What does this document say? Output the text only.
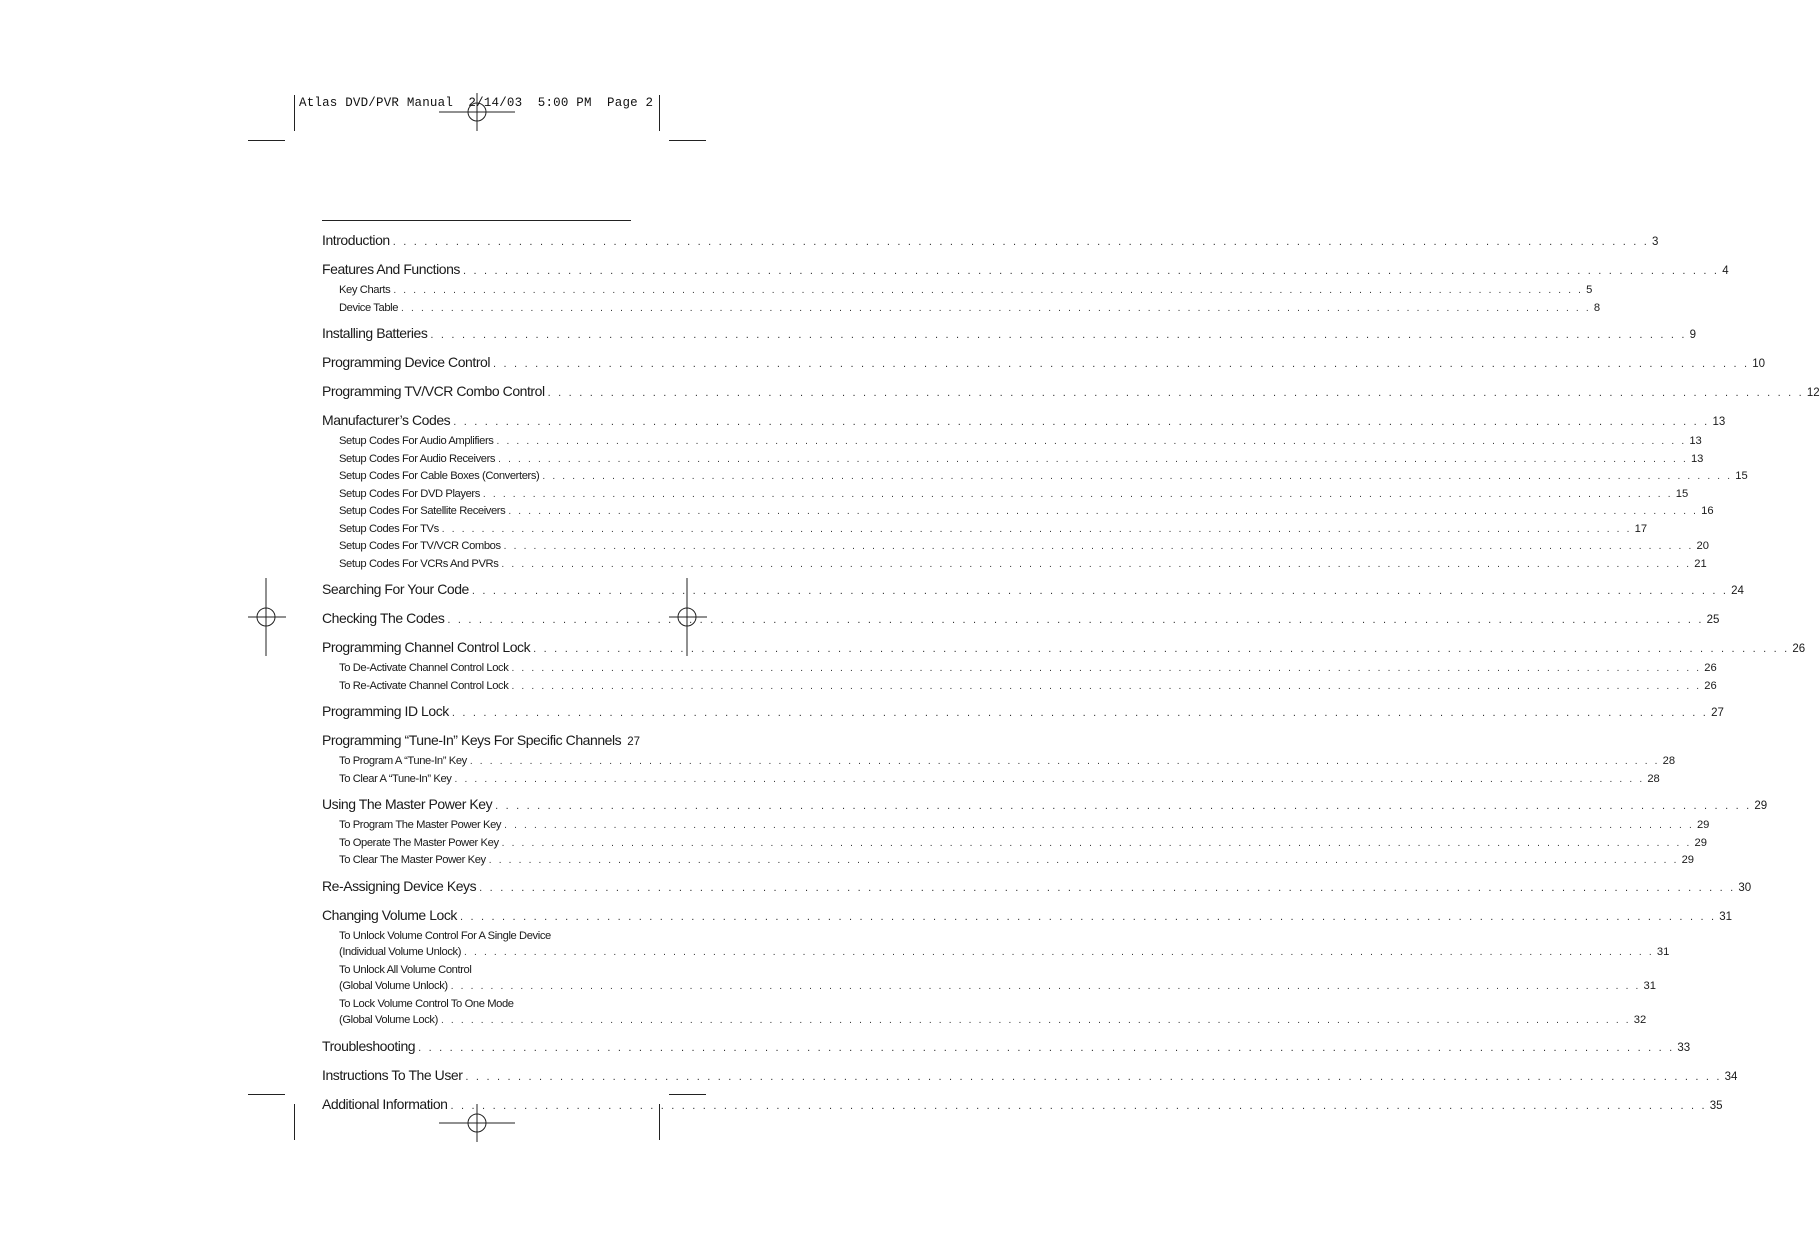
Atlas DVD/PVR Manual  2/14/03  5:00 PM  Page 2
Introduction . . . . . . . . . . . . . . . . . . . . . . . . . . . . . . . . . . . . . . . . . . . . . . . . . . . . . . . . . . . . . . . . . . . . . . . . . . . . . . . . . . . . . . . . . . . . . . . . . . . . . . . . . . . . . . . . . . . . . . . . 3
Features And Functions . . . . . . . . . . . . . . . . . . . . . . . . . . . . . . . . . . . . . . . . . . . . . . . . . . . . . . . . . . . . . . . . . . . . . . . . . . . . . . . . . . . . . . . . . . . . . . . . . . . . . . . . . . . . . . . . . . . . . . . . 4
Key Charts . . . . . . . . . . . . . . . . . . . . . . . . . . . . . . . . . . . . . . . . . . . . . . . . . . . . . . . . . . . . . . . . . . . . . . . . . . . . . . . . . . . . . . . . . . . . . . . . . . . . . . . . . . . . . . . . . . . . . . . . 5
Device Table . . . . . . . . . . . . . . . . . . . . . . . . . . . . . . . . . . . . . . . . . . . . . . . . . . . . . . . . . . . . . . . . . . . . . . . . . . . . . . . . . . . . . . . . . . . . . . . . . . . . . . . . . . . . . . . . . . . . . . . . 8
Installing Batteries . . . . . . . . . . . . . . . . . . . . . . . . . . . . . . . . . . . . . . . . . . . . . . . . . . . . . . . . . . . . . . . . . . . . . . . . . . . . . . . . . . . . . . . . . . . . . . . . . . . . . . . . . . . . . . . . . . . . . . . . 9
Programming Device Control . . . . . . . . . . . . . . . . . . . . . . . . . . . . . . . . . . . . . . . . . . . . . . . . . . . . . . . . . . . . . . . . . . . . . . . . . . . . . . . . . . . . . . . . . . . . . . . . . . . . . . . . . . . . . . . . . . . . . . . . 10
Programming TV/VCR Combo Control . . . . . . . . . . . . . . . . . . . . . . . . . . . . . . . . . . . . . . . . . . . . . . . . . . . . . . . . . . . . . . . . . . . . . . . . . . . . . . . . . . . . . . . . . . . . . . . . . . . . . . . . . . . . . . . . . . . . . . . . 12
Manufacturer’s Codes . . . . . . . . . . . . . . . . . . . . . . . . . . . . . . . . . . . . . . . . . . . . . . . . . . . . . . . . . . . . . . . . . . . . . . . . . . . . . . . . . . . . . . . . . . . . . . . . . . . . . . . . . . . . . . . . . . . . . . . . 13
Setup Codes For Audio Amplifiers . . . . . . . . . . . . . . . . . . . . . . . . . . . . . . . . . . . . . . . . . . . . . . . . . . . . . . . . . . . . . . . . . . . . . . . . . . . . . . . . . . . . . . . . . . . . . . . . . . . . . . . . . . . . . . . . . . . . . . . . 13
Setup Codes For Audio Receivers . . . . . . . . . . . . . . . . . . . . . . . . . . . . . . . . . . . . . . . . . . . . . . . . . . . . . . . . . . . . . . . . . . . . . . . . . . . . . . . . . . . . . . . . . . . . . . . . . . . . . . . . . . . . . . . . . . . . . . . . 13
Setup Codes For Cable Boxes (Converters) . . . . . . . . . . . . . . . . . . . . . . . . . . . . . . . . . . . . . . . . . . . . . . . . . . . . . . . . . . . . . . . . . . . . . . . . . . . . . . . . . . . . . . . . . . . . . . . . . . . . . . . . . . . . . . . . . . . . . . . . 15
Setup Codes For DVD Players . . . . . . . . . . . . . . . . . . . . . . . . . . . . . . . . . . . . . . . . . . . . . . . . . . . . . . . . . . . . . . . . . . . . . . . . . . . . . . . . . . . . . . . . . . . . . . . . . . . . . . . . . . . . . . . . . . . . . . . . 15
Setup Codes For Satellite Receivers . . . . . . . . . . . . . . . . . . . . . . . . . . . . . . . . . . . . . . . . . . . . . . . . . . . . . . . . . . . . . . . . . . . . . . . . . . . . . . . . . . . . . . . . . . . . . . . . . . . . . . . . . . . . . . . . . . . . . . . . 16
Setup Codes For TVs . . . . . . . . . . . . . . . . . . . . . . . . . . . . . . . . . . . . . . . . . . . . . . . . . . . . . . . . . . . . . . . . . . . . . . . . . . . . . . . . . . . . . . . . . . . . . . . . . . . . . . . . . . . . . . . . . . . . . . . . 17
Setup Codes For TV/VCR Combos . . . . . . . . . . . . . . . . . . . . . . . . . . . . . . . . . . . . . . . . . . . . . . . . . . . . . . . . . . . . . . . . . . . . . . . . . . . . . . . . . . . . . . . . . . . . . . . . . . . . . . . . . . . . . . . . . . . . . . . . 20
Setup Codes For VCRs And PVRs . . . . . . . . . . . . . . . . . . . . . . . . . . . . . . . . . . . . . . . . . . . . . . . . . . . . . . . . . . . . . . . . . . . . . . . . . . . . . . . . . . . . . . . . . . . . . . . . . . . . . . . . . . . . . . . . . . . . . . . . 21
Searching For Your Code . . . . . . . . . . . . . . . . . . . . . . . . . . . . . . . . . . . . . . . . . . . . . . . . . . . . . . . . . . . . . . . . . . . . . . . . . . . . . . . . . . . . . . . . . . . . . . . . . . . . . . . . . . . . . . . . . . . . . . . . 24
Checking The Codes . . . . . . . . . . . . . . . . . . . . . . . . . . . . . . . . . . . . . . . . . . . . . . . . . . . . . . . . . . . . . . . . . . . . . . . . . . . . . . . . . . . . . . . . . . . . . . . . . . . . . . . . . . . . . . . . . . . . . . . . 25
Programming Channel Control Lock . . . . . . . . . . . . . . . . . . . . . . . . . . . . . . . . . . . . . . . . . . . . . . . . . . . . . . . . . . . . . . . . . . . . . . . . . . . . . . . . . . . . . . . . . . . . . . . . . . . . . . . . . . . . . . . . . . . . . . . . 26
To De-Activate Channel Control Lock . . . . . . . . . . . . . . . . . . . . . . . . . . . . . . . . . . . . . . . . . . . . . . . . . . . . . . . . . . . . . . . . . . . . . . . . . . . . . . . . . . . . . . . . . . . . . . . . . . . . . . . . . . . . . . . . . . . . . . . . 26
To Re-Activate Channel Control Lock . . . . . . . . . . . . . . . . . . . . . . . . . . . . . . . . . . . . . . . . . . . . . . . . . . . . . . . . . . . . . . . . . . . . . . . . . . . . . . . . . . . . . . . . . . . . . . . . . . . . . . . . . . . . . . . . . . . . . . . . 26
Programming ID Lock . . . . . . . . . . . . . . . . . . . . . . . . . . . . . . . . . . . . . . . . . . . . . . . . . . . . . . . . . . . . . . . . . . . . . . . . . . . . . . . . . . . . . . . . . . . . . . . . . . . . . . . . . . . . . . . . . . . . . . . . 27
Programming “Tune-In” Keys For Specific Channels 27
To Program A “Tune-In” Key . . . . . . . . . . . . . . . . . . . . . . . . . . . . . . . . . . . . . . . . . . . . . . . . . . . . . . . . . . . . . . . . . . . . . . . . . . . . . . . . . . . . . . . . . . . . . . . . . . . . . . . . . . . . . . . . . . . . . . . . 28
To Clear A “Tune-In” Key . . . . . . . . . . . . . . . . . . . . . . . . . . . . . . . . . . . . . . . . . . . . . . . . . . . . . . . . . . . . . . . . . . . . . . . . . . . . . . . . . . . . . . . . . . . . . . . . . . . . . . . . . . . . . . . . . . . . . . . . 28
Using The Master Power Key . . . . . . . . . . . . . . . . . . . . . . . . . . . . . . . . . . . . . . . . . . . . . . . . . . . . . . . . . . . . . . . . . . . . . . . . . . . . . . . . . . . . . . . . . . . . . . . . . . . . . . . . . . . . . . . . . . . . . . . . 29
To Program The Master Power Key . . . . . . . . . . . . . . . . . . . . . . . . . . . . . . . . . . . . . . . . . . . . . . . . . . . . . . . . . . . . . . . . . . . . . . . . . . . . . . . . . . . . . . . . . . . . . . . . . . . . . . . . . . . . . . . . . . . . . . . . 29
To Operate The Master Power Key . . . . . . . . . . . . . . . . . . . . . . . . . . . . . . . . . . . . . . . . . . . . . . . . . . . . . . . . . . . . . . . . . . . . . . . . . . . . . . . . . . . . . . . . . . . . . . . . . . . . . . . . . . . . . . . . . . . . . . . . 29
To Clear The Master Power Key . . . . . . . . . . . . . . . . . . . . . . . . . . . . . . . . . . . . . . . . . . . . . . . . . . . . . . . . . . . . . . . . . . . . . . . . . . . . . . . . . . . . . . . . . . . . . . . . . . . . . . . . . . . . . . . . . . . . . . . . 29
Re-Assigning Device Keys . . . . . . . . . . . . . . . . . . . . . . . . . . . . . . . . . . . . . . . . . . . . . . . . . . . . . . . . . . . . . . . . . . . . . . . . . . . . . . . . . . . . . . . . . . . . . . . . . . . . . . . . . . . . . . . . . . . . . . . . 30
Changing Volume Lock . . . . . . . . . . . . . . . . . . . . . . . . . . . . . . . . . . . . . . . . . . . . . . . . . . . . . . . . . . . . . . . . . . . . . . . . . . . . . . . . . . . . . . . . . . . . . . . . . . . . . . . . . . . . . . . . . . . . . . . . 31
To Unlock Volume Control For A Single Device
(Individual Volume Unlock) . . . . . . . . . . . . . . . . . . . . . . . . . . . . . . . . . . . . . . . . . . . . . . . . . . . . . . . . . . . . . . . . . . . . . . . . . . . . . . . . . . . . . . . . . . . . . . . . . . . . . . . . . . . . . . . . . . . . . . . . 31
To Unlock All Volume Control
(Global Volume Unlock) . . . . . . . . . . . . . . . . . . . . . . . . . . . . . . . . . . . . . . . . . . . . . . . . . . . . . . . . . . . . . . . . . . . . . . . . . . . . . . . . . . . . . . . . . . . . . . . . . . . . . . . . . . . . . . . . . . . . . . . . 31
To Lock Volume Control To One Mode
(Global Volume Lock) . . . . . . . . . . . . . . . . . . . . . . . . . . . . . . . . . . . . . . . . . . . . . . . . . . . . . . . . . . . . . . . . . . . . . . . . . . . . . . . . . . . . . . . . . . . . . . . . . . . . . . . . . . . . . . . . . . . . . . . . 32
Troubleshooting . . . . . . . . . . . . . . . . . . . . . . . . . . . . . . . . . . . . . . . . . . . . . . . . . . . . . . . . . . . . . . . . . . . . . . . . . . . . . . . . . . . . . . . . . . . . . . . . . . . . . . . . . . . . . . . . . . . . . . . . 33
Instructions To The User . . . . . . . . . . . . . . . . . . . . . . . . . . . . . . . . . . . . . . . . . . . . . . . . . . . . . . . . . . . . . . . . . . . . . . . . . . . . . . . . . . . . . . . . . . . . . . . . . . . . . . . . . . . . . . . . . . . . . . . . 34
Additional Information . . . . . . . . . . . . . . . . . . . . . . . . . . . . . . . . . . . . . . . . . . . . . . . . . . . . . . . . . . . . . . . . . . . . . . . . . . . . . . . . . . . . . . . . . . . . . . . . . . . . . . . . . . . . . . . . . . . . . . . . 35
